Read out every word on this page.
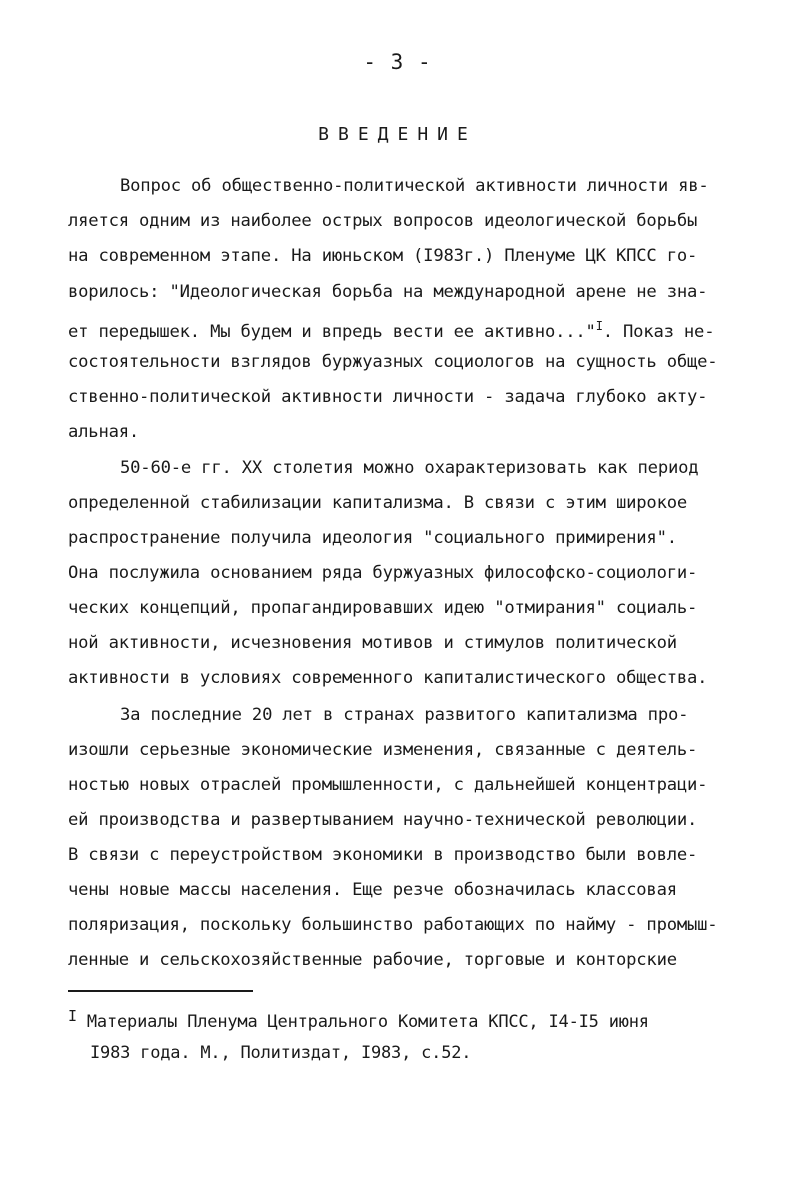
- 3 -
ВВЕДЕНИЕ
Вопрос об общественно-политической активности личности яв-
ляется одним из наиболее острых вопросов идеологической борьбы
на современном этапе. На июньском (I983г.) Пленуме ЦК КПСС го-
ворилось: "Идеологическая борьба на международной арене не зна-
ет передышек. Мы будем и впредь вести ее активно..."$^I$. Показ не-
состоятельности взглядов буржуазных социологов на сущность обще-
ственно-политической активности личности - задача глубоко акту-
альная.
50-60-е гг. XX столетия можно охарактеризовать как период
определенной стабилизации капитализма. В связи с этим широкое
распространение получила идеология "социального примирения".
Она послужила основанием ряда буржуазных философско-социологи-
ческих концепций, пропагандировавших идею "отмирания" социаль-
ной активности, исчезновения мотивов и стимулов политической
активности в условиях современного капиталистического общества.
За последние 20 лет в странах развитого капитализма про-
изошли серьезные экономические изменения, связанные с деятель-
ностью новых отраслей промышленности, с дальнейшей концентраци-
ей производства и развертыванием научно-технической революции.
В связи с переустройством экономики в производство были вовле-
чены новые массы населения. Еще резче обозначилась классовая
поляризация, поскольку большинство работающих по найму - промыш-
ленные и сельскохозяйственные рабочие, торговые и конторские
I Материалы Пленума Центрального Комитета КПСС, I4-I5 июня
I983 года. М., Политиздат, I983, с.52.
